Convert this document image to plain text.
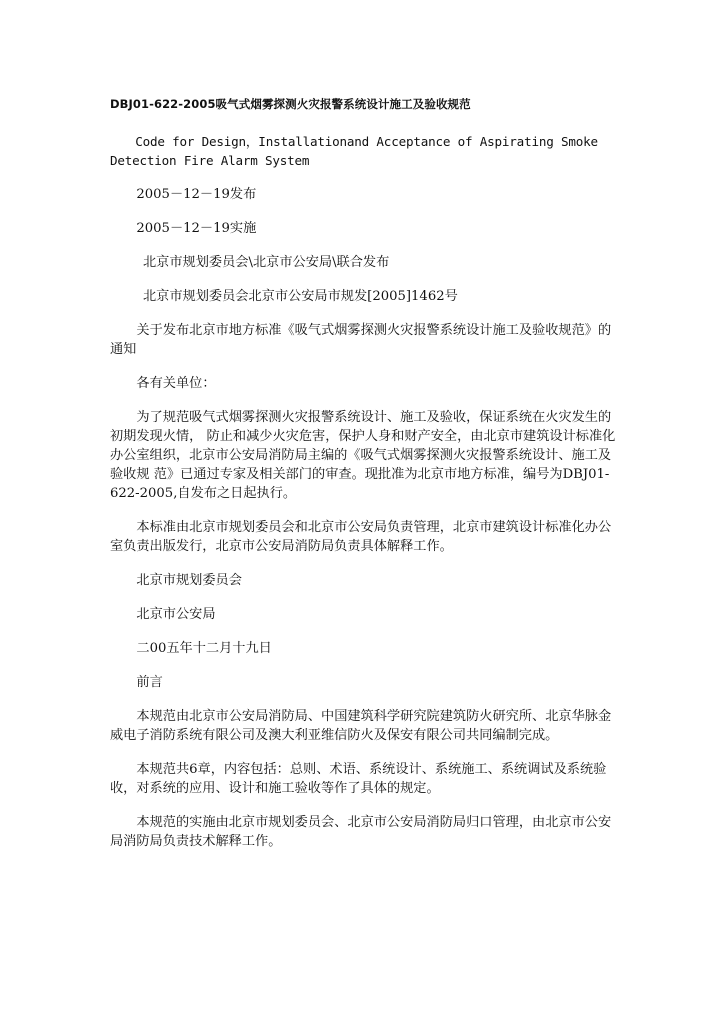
DBJ01-622-2005吸气式烟雾探测火灾报警系统设计施工及验收规范

Code for Design，Installationand Acceptance of Aspirating Smoke Detection Fire Alarm System

2005－12－19发布

2005－12－19实施

北京市规划委员会\北京市公安局\联合发布

北京市规划委员会北京市公安局市规发[2005]1462号

关于发布北京市地方标准《吸气式烟雾探测火灾报警系统设计施工及验收规范》的通知

各有关单位：

为了规范吸气式烟雾探测火灾报警系统设计、施工及验收，保证系统在火灾发生的初期发现火情， 防止和减少火灾危害，保护人身和财产安全，由北京市建筑设计标准化办公室组织，北京市公安局消防局主编的《吸气式烟雾探测火灾报警系统设计、施工及验收规 范》已通过专家及相关部门的审查。现批准为北京市地方标准，编号为DBJ01-622-2005,自发布之日起执行。

本标准由北京市规划委员会和北京市公安局负责管理，北京市建筑设计标准化办公室负责出版发行，北京市公安局消防局负责具体解释工作。

北京市规划委员会

北京市公安局

二00五年十二月十九日

前言

本规范由北京市公安局消防局、中国建筑科学研究院建筑防火研究所、北京华脉金威电子消防系统有限公司及澳大利亚维信防火及保安有限公司共同编制完成。

本规范共6章，内容包括：总则、术语、系统设计、系统施工、系统调试及系统验收，对系统的应用、设计和施工验收等作了具体的规定。

本规范的实施由北京市规划委员会、北京市公安局消防局归口管理，由北京市公安局消防局负责技术解释工作。
